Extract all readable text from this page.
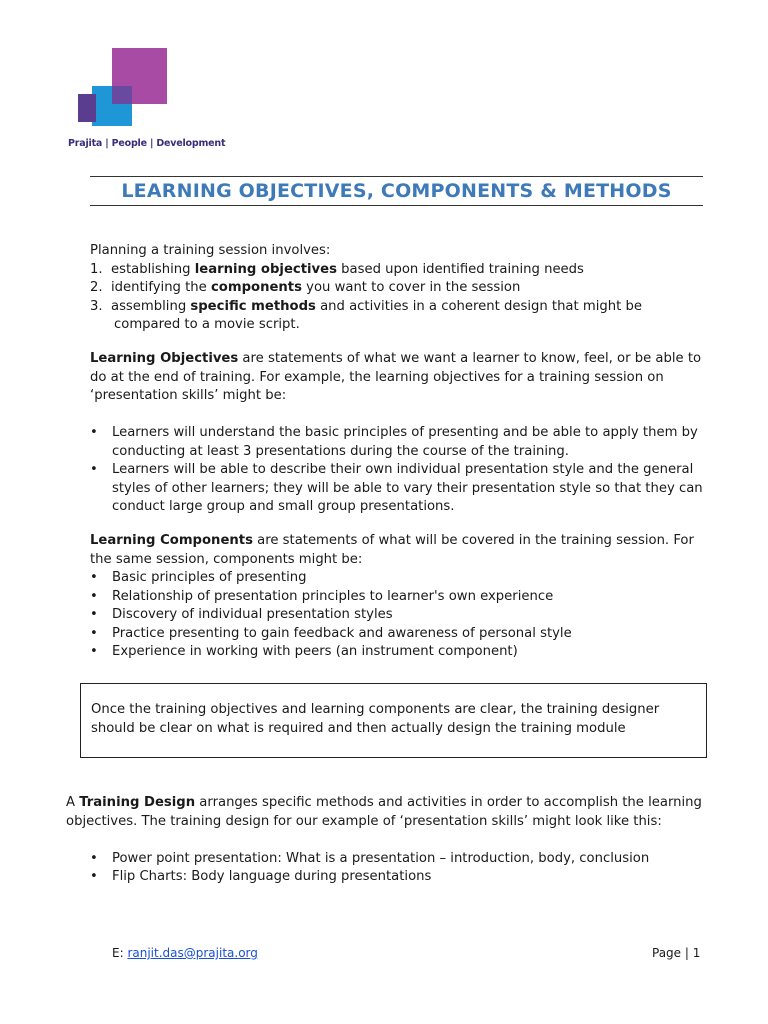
Prajita | People | Development
LEARNING OBJECTIVES, COMPONENTS & METHODS

Planning a training session involves:

1. establishing learning objectives based upon identified training needs
2. identifying the components you want to cover in the session
3. assembling specific methods and activities in a coherent design that might be compared to a movie script.

Learning Objectives are statements of what we want a learner to know, feel, or be able to do at the end of training. For example, the learning objectives for a training session on ‘presentation skills’ might be:

• Learners will understand the basic principles of presenting and be able to apply them by conducting at least 3 presentations during the course of the training.
• Learners will be able to describe their own individual presentation style and the general styles of other learners; they will be able to vary their presentation style so that they can conduct large group and small group presentations.

Learning Components are statements of what will be covered in the training session. For the same session, components might be:

• Basic principles of presenting
• Relationship of presentation principles to learner's own experience
• Discovery of individual presentation styles
• Practice presenting to gain feedback and awareness of personal style
• Experience in working with peers (an instrument component)

Once the training objectives and learning components are clear, the training designer should be clear on what is required and then actually design the training module

A Training Design arranges specific methods and activities in order to accomplish the learning objectives. The training design for our example of ‘presentation skills’ might look like this:

• Power point presentation: What is a presentation – introduction, body, conclusion
• Flip Charts: Body language during presentations
E: ranjit.das@prajita.org	Page | 1
